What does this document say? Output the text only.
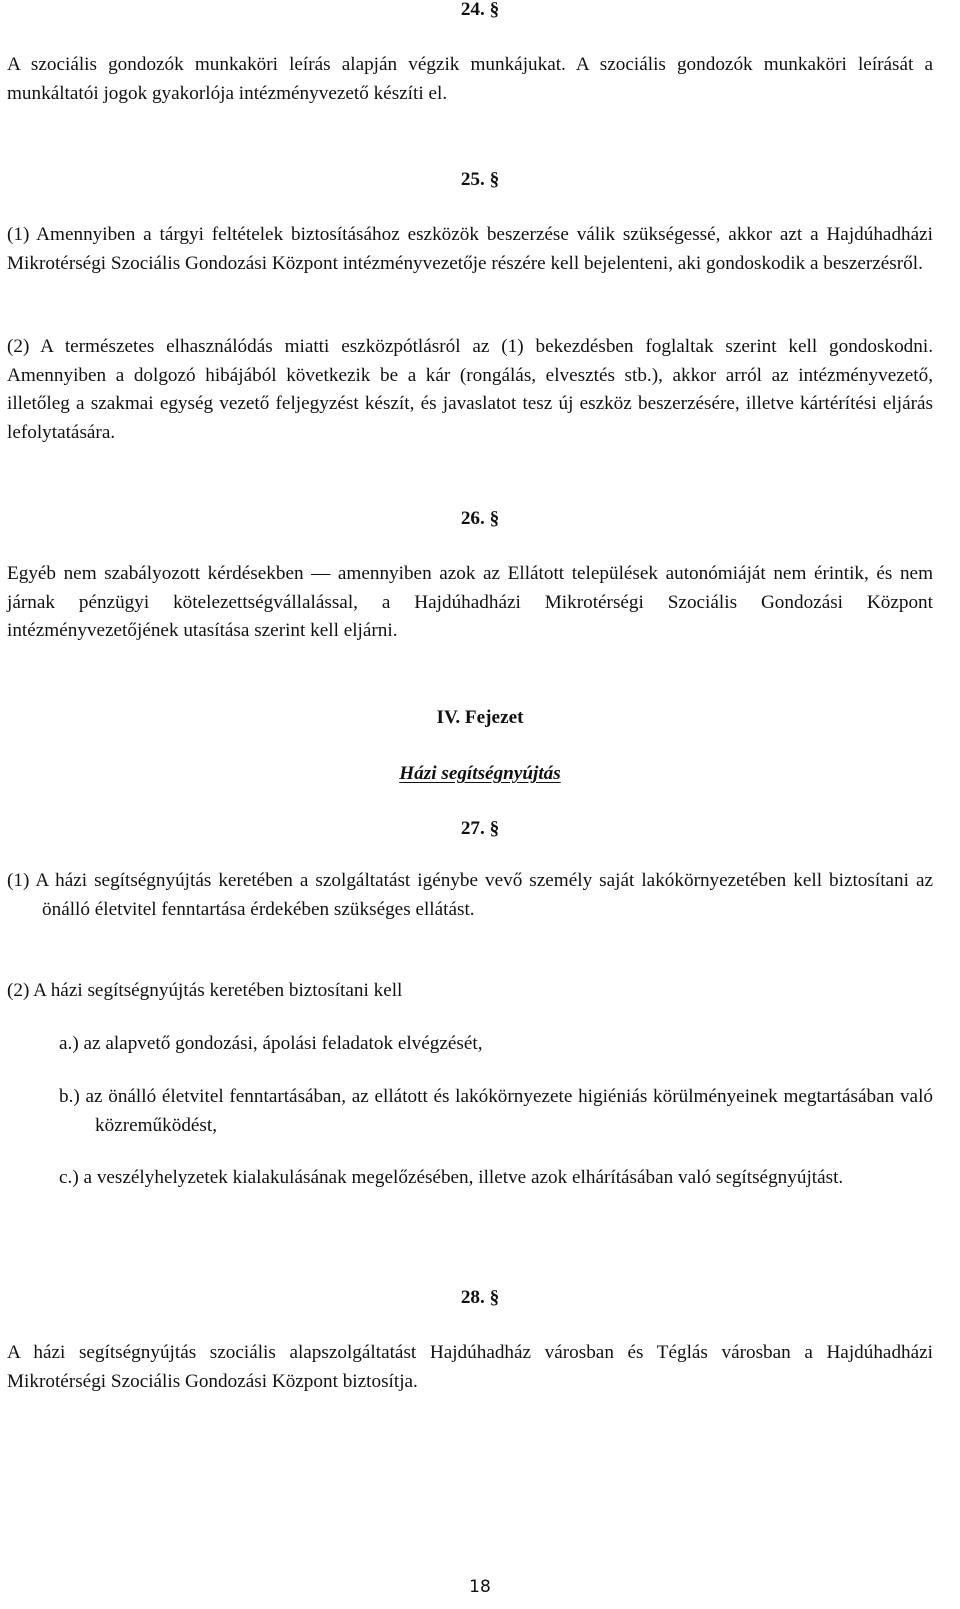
24. §

A szociális gondozók munkaköri leírás alapján végzik munkájukat. A szociális gondozók munkaköri leírását a munkáltatói jogok gyakorlója intézményvezető készíti el.

25. §

(1) Amennyiben a tárgyi feltételek biztosításához eszközök beszerzése válik szükségessé, akkor azt a Hajdúhadházi Mikrotérségi Szociális Gondozási Központ intézményvezetője részére kell bejelenteni, aki gondoskodik a beszerzésről.

(2) A természetes elhasználódás miatti eszközpótlásról az (1) bekezdésben foglaltak szerint kell gondoskodni. Amennyiben a dolgozó hibájából következik be a kár (rongálás, elvesztés stb.), akkor arról az intézményvezető, illetőleg a szakmai egység vezető feljegyzést készít, és javaslatot tesz új eszköz beszerzésére, illetve kártérítési eljárás lefolytatására.

26. §

Egyéb nem szabályozott kérdésekben — amennyiben azok az Ellátott települések autonómiáját nem érintik, és nem járnak pénzügyi kötelezettségvállalással, a Hajdúhadházi Mikrotérségi Szociális Gondozási Központ intézményvezetőjének utasítása szerint kell eljárni.

IV. Fejezet
Házi segítségnyújtás
27. §

(1) A házi segítségnyújtás keretében a szolgáltatást igénybe vevő személy saját lakókörnyezetében kell biztosítani az önálló életvitel fenntartása érdekében szükséges ellátást.

(2) A házi segítségnyújtás keretében biztosítani kell

a.) az alapvető gondozási, ápolási feladatok elvégzését,

b.) az önálló életvitel fenntartásában, az ellátott és lakókörnyezete higiéniás körülményeinek megtartásában való közreműködést,

c.) a veszélyhelyzetek kialakulásának megelőzésében, illetve azok elhárításában való segítségnyújtást.

28. §

A házi segítségnyújtás szociális alapszolgáltatást Hajdúhadház városban és Téglás városban a Hajdúhadházi Mikrotérségi Szociális Gondozási Központ biztosítja.

18
